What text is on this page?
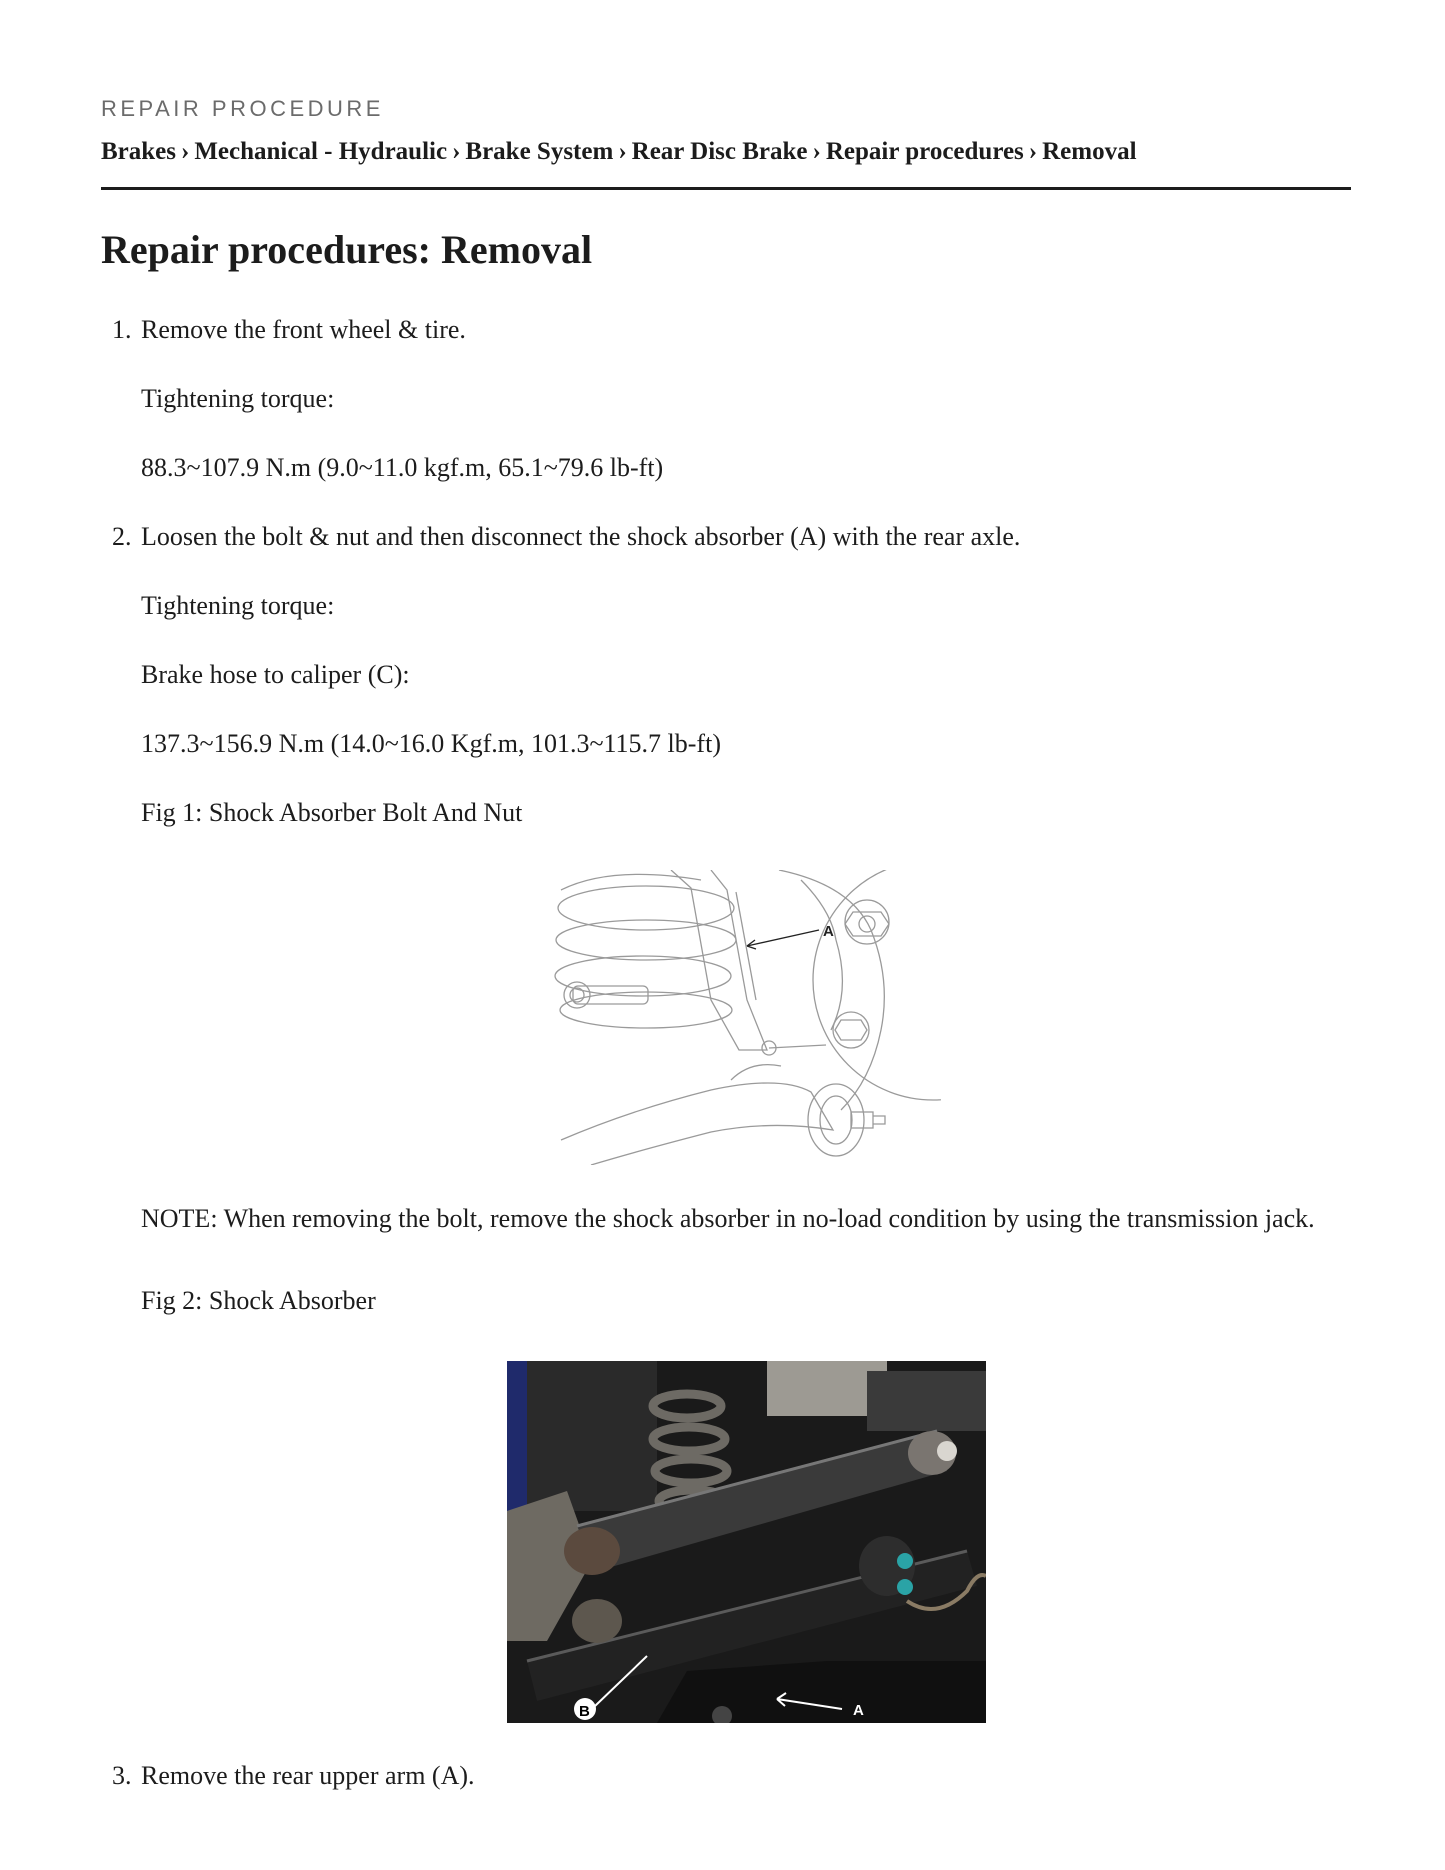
REPAIR PROCEDURE
Brakes › Mechanical - Hydraulic › Brake System › Rear Disc Brake › Repair procedures › Removal
Repair procedures: Removal
1. Remove the front wheel & tire.
Tightening torque:
88.3~107.9 N.m (9.0~11.0 kgf.m, 65.1~79.6 lb-ft)
2. Loosen the bolt & nut and then disconnect the shock absorber (A) with the rear axle.
Tightening torque:
Brake hose to caliper (C):
137.3~156.9 N.m (14.0~16.0 Kgf.m, 101.3~115.7 lb-ft)
Fig 1: Shock Absorber Bolt And Nut
A
NOTE: When removing the bolt, remove the shock absorber in no-load condition by using the transmission jack.
Fig 2: Shock Absorber
B	A
3. Remove the rear upper arm (A).
